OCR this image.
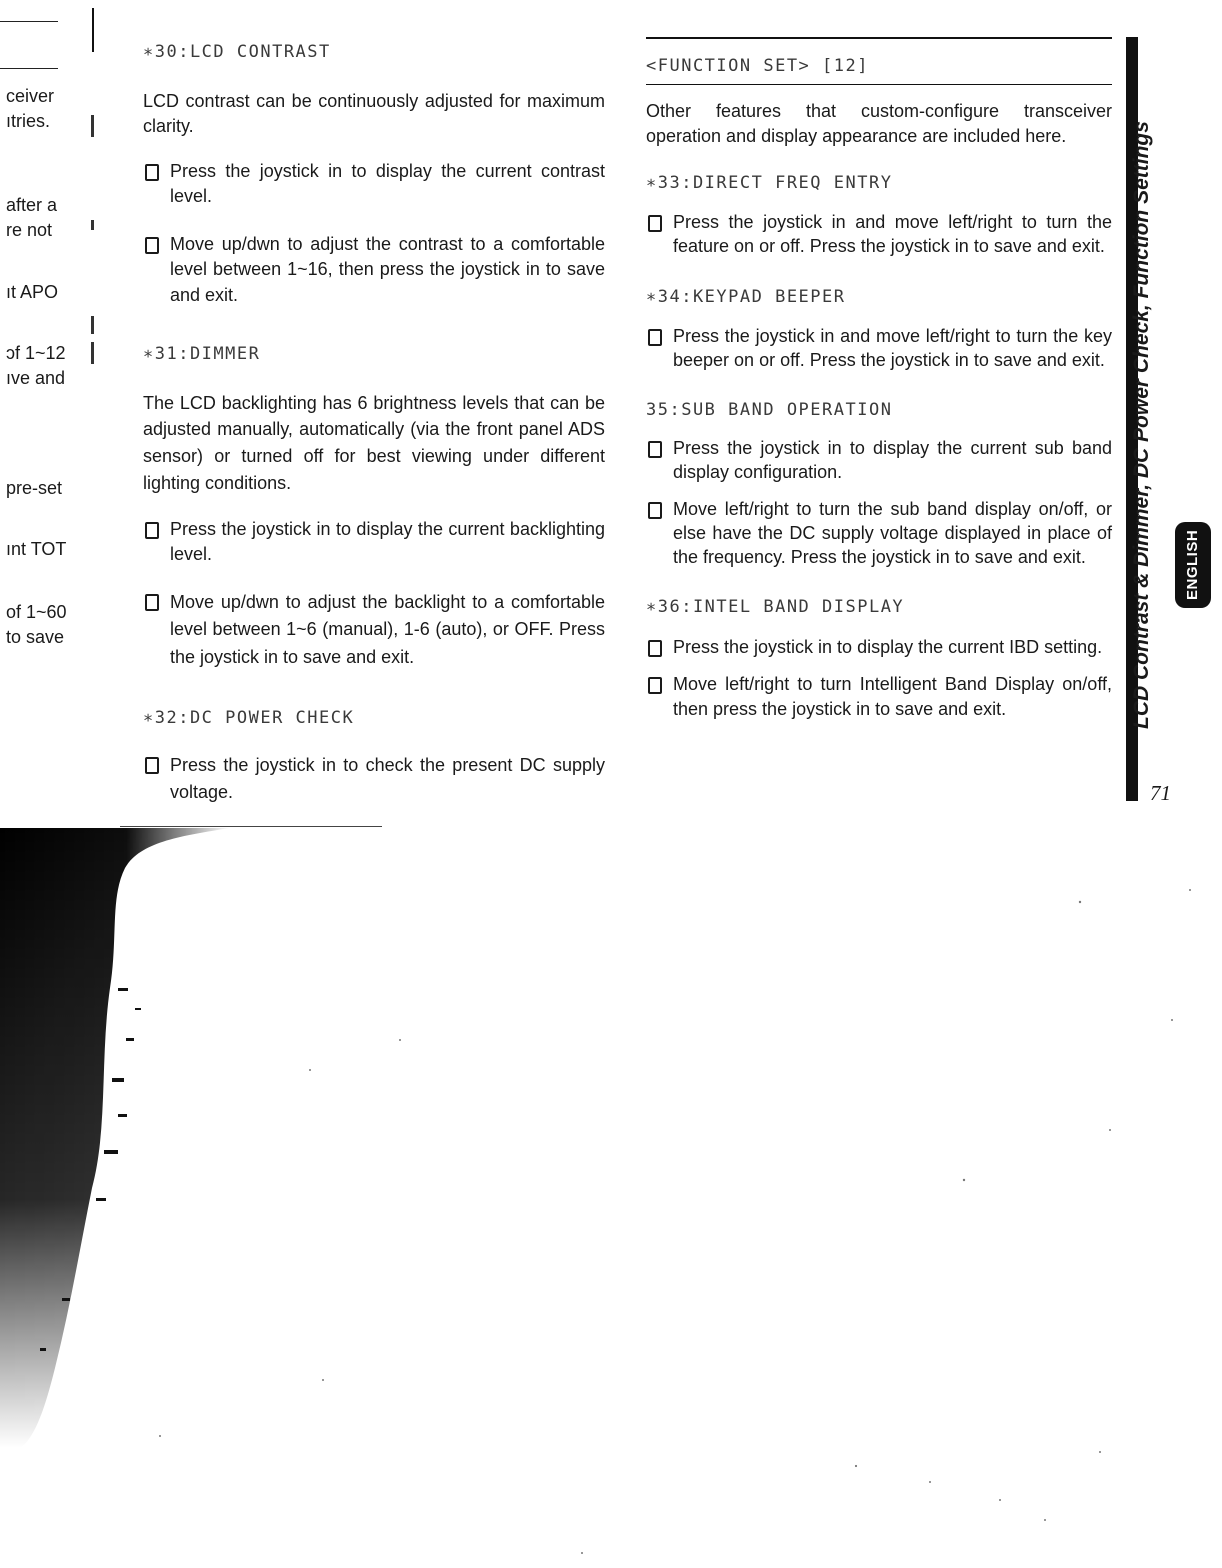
ceiver
ıtries.
after a
re not
ıt APO
ɔf 1~12
ıve and
pre-set
ınt TOT
of 1~60
to save

∗30:LCD CONTRAST

LCD contrast can be continuously adjusted for maximum clarity.

Press the joystick in to display the current contrast level.
Move up/dwn to adjust the contrast to a comfortable level between 1~16, then press the joystick in to save and exit.

∗31:DIMMER

The LCD backlighting has 6 brightness levels that can be adjusted manually, automatically (via the front panel ADS sensor) or turned off for best viewing under different lighting conditions.

Press the joystick in to display the current backlighting level.
Move up/dwn to adjust the backlight to a comfortable level between 1~6 (manual), 1-6 (auto), or OFF. Press the joystick in to save and exit.

∗32:DC POWER CHECK

Press the joystick in to check the present DC supply voltage.

<FUNCTION SET> [12]

Other features that custom-configure transceiver operation and display appearance are included here.

∗33:DIRECT FREQ ENTRY

Press the joystick in and move left/right to turn the feature on or off. Press the joystick in to save and exit.

∗34:KEYPAD BEEPER

Press the joystick in and move left/right to turn the key beeper on or off. Press the joystick in to save and exit.

35:SUB BAND OPERATION

Press the joystick in to display the current sub band display configuration.
Move left/right to turn the sub band display on/off, or else have the DC supply voltage displayed in place of the frequency. Press the joystick in to save and exit.

∗36:INTEL BAND DISPLAY

Press the joystick in to display the current IBD setting.
Move left/right to turn Intelligent Band Display on/off, then press the joystick in to save and exit.	LCD Contrast & Dimmer, DC Power Check, Function Settings ENGLISH
71
